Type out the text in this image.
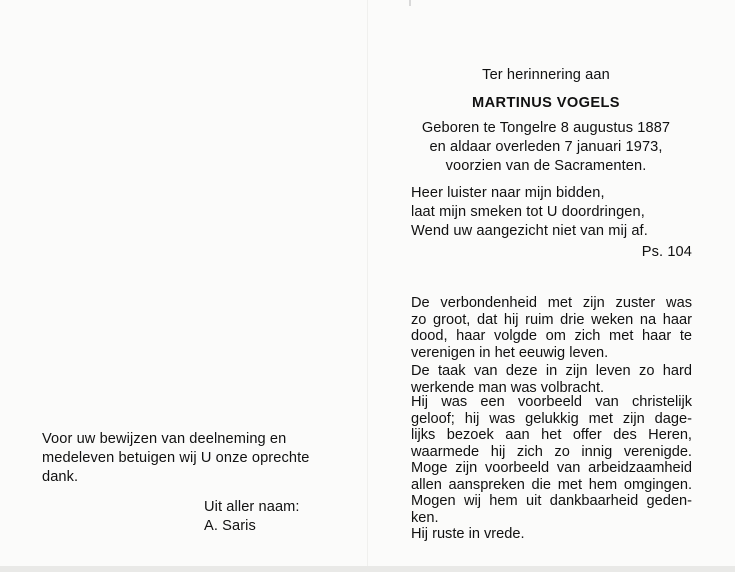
Ter herinnering aan
MARTINUS VOGELS
Geboren te Tongelre 8 augustus 1887
en aldaar overleden 7 januari 1973,
voorzien van de Sacramenten.
Heer luister naar mijn bidden,
laat mijn smeken tot U doordringen,
Wend uw aangezicht niet van mij af.
Ps. 104
De verbondenheid met zijn zuster was
zo groot, dat hij ruim drie weken na haar
dood, haar volgde om zich met haar te
verenigen in het eeuwig leven.
De taak van deze in zijn leven zo hard
werkende man was volbracht.
Hij was een voorbeeld van christelijk
geloof; hij was gelukkig met zijn dage-
lijks bezoek aan het offer des Heren,
waarmede hij zich zo innig verenigde.
Moge zijn voorbeeld van arbeidzaamheid
allen aanspreken die met hem omgingen.
Mogen wij hem uit dankbaarheid geden-
ken.
Hij ruste in vrede.
Voor uw bewijzen van deelneming en
medeleven betuigen wij U onze oprechte
dank.
Uit aller naam:
A. Saris
